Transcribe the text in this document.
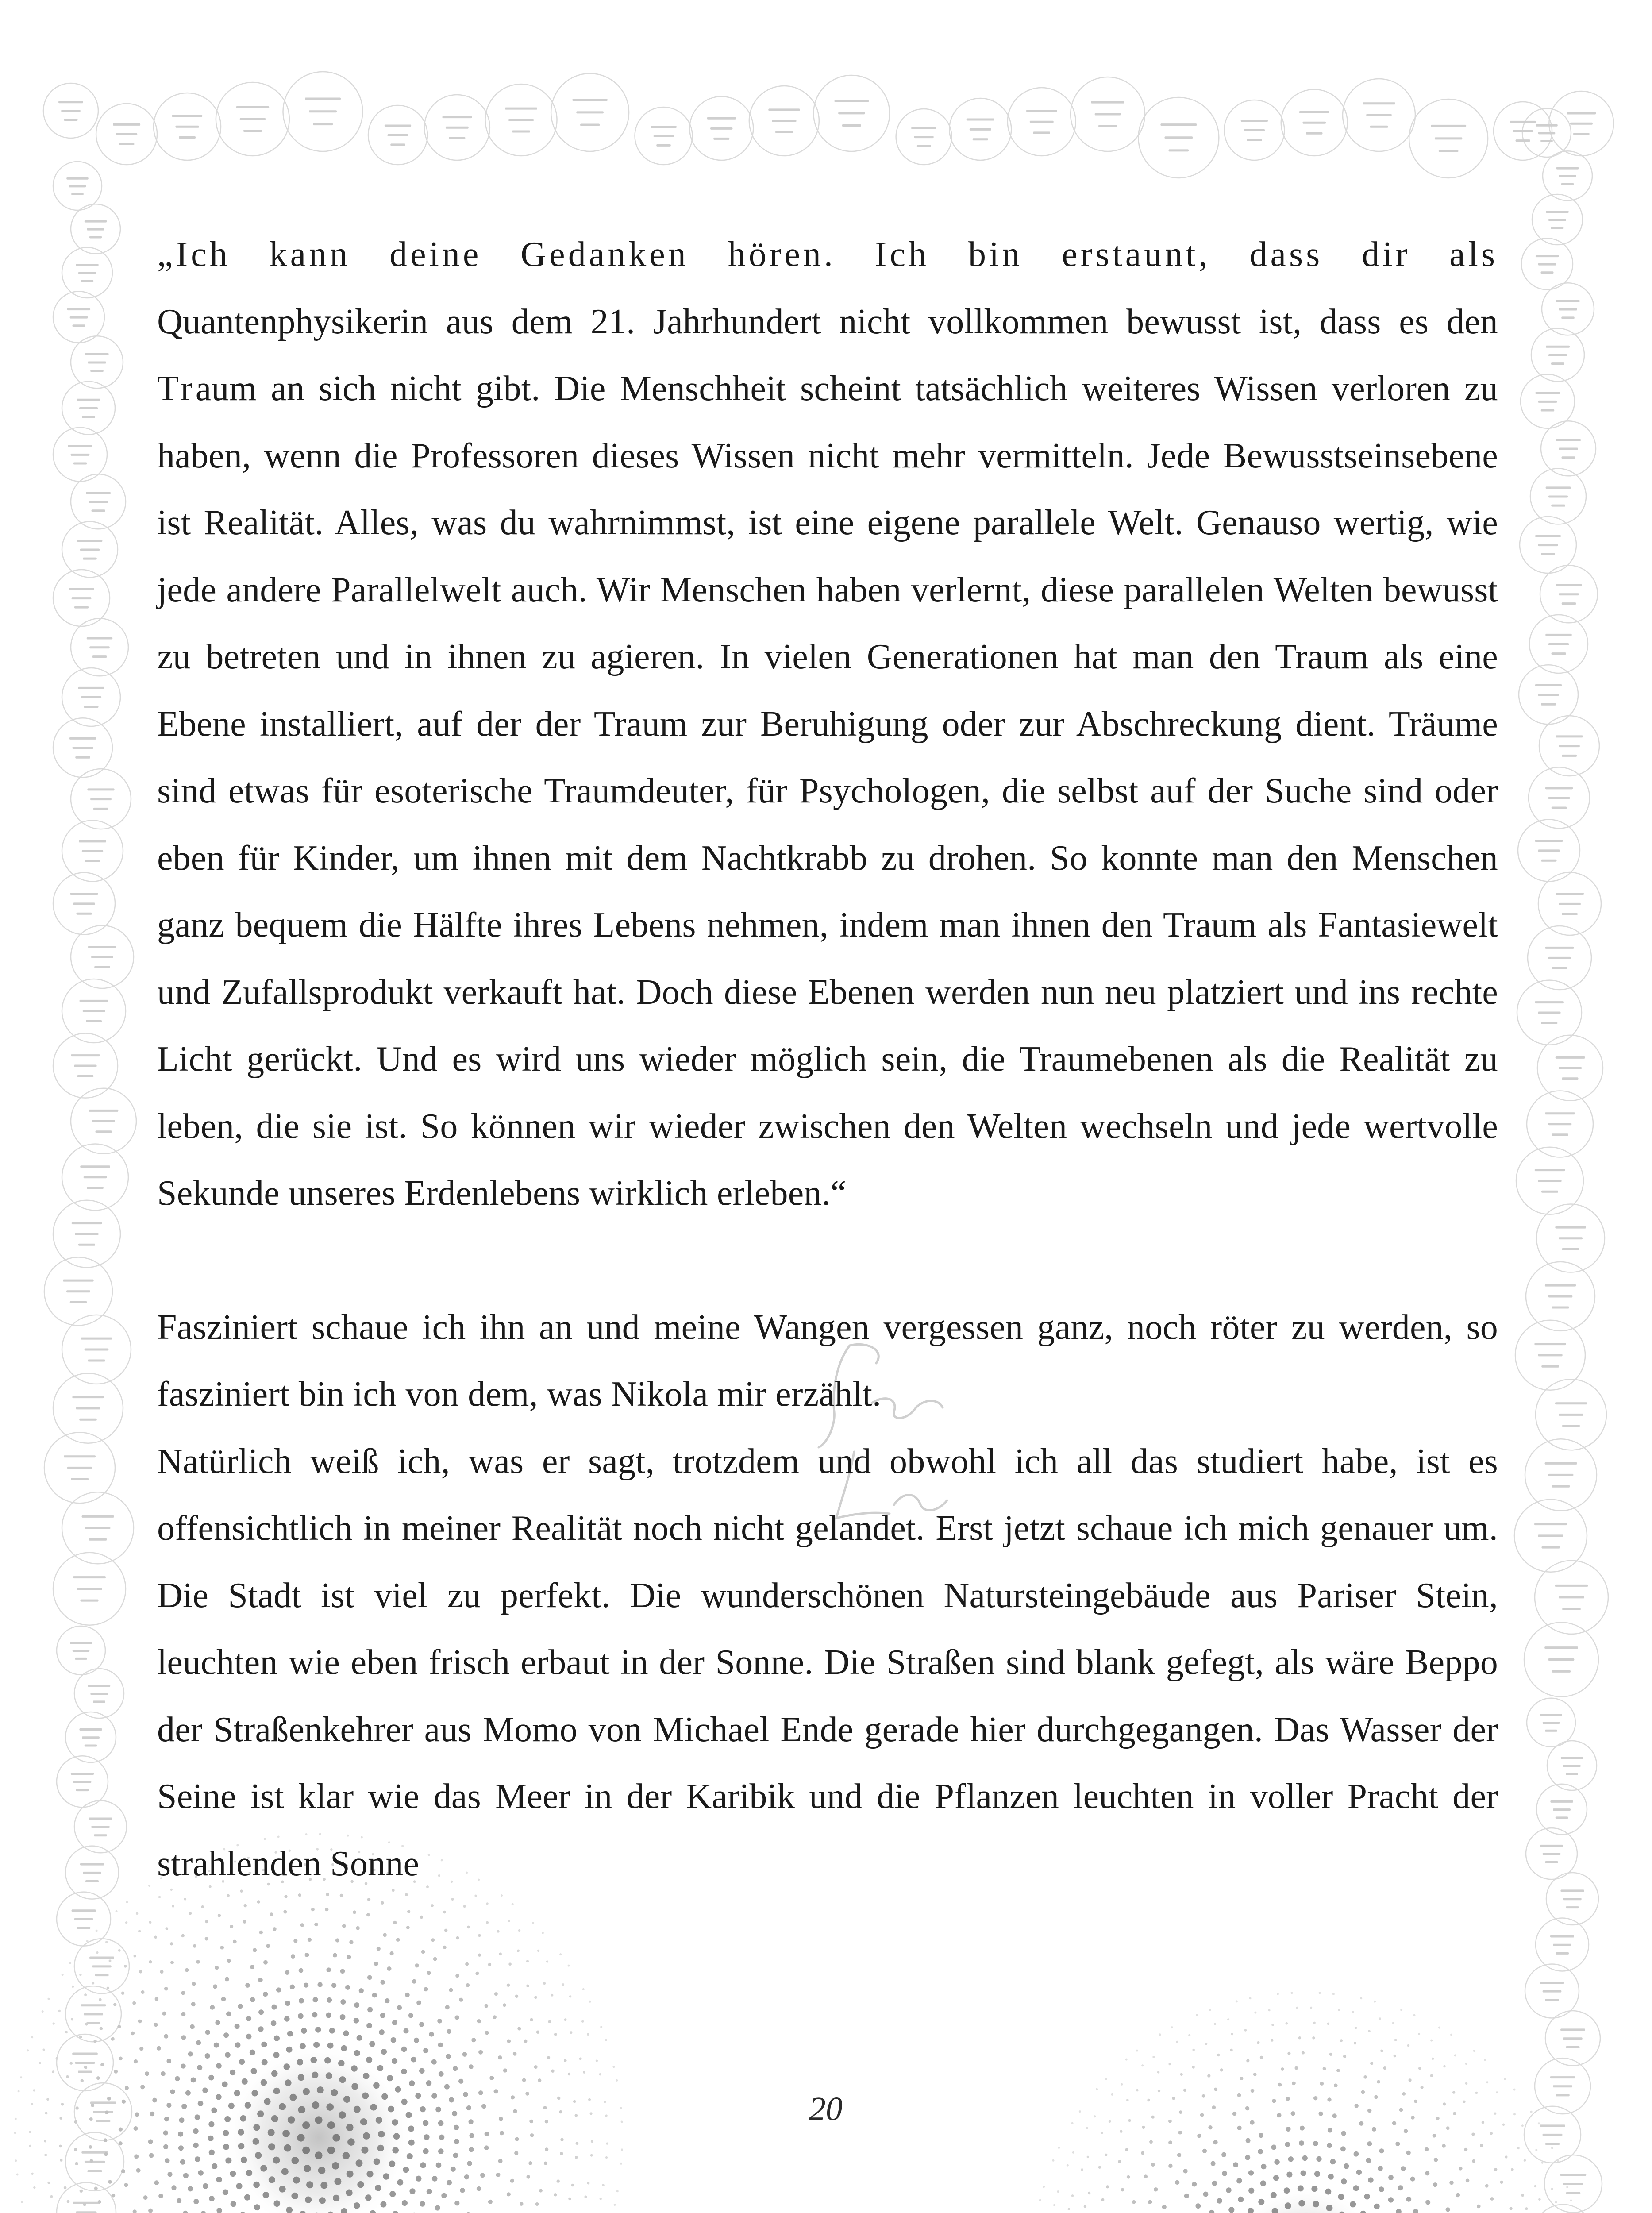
„Ich kann deine Gedanken hören. Ich bin erstaunt, dass dir als Quantenphysikerin aus dem 21. Jahrhundert nicht vollkommen bewusst ist, dass es den Traum an sich nicht gibt. Die Menschheit scheint tatsächlich weiteres Wissen verloren zu haben, wenn die Professoren dieses Wissen nicht mehr vermitteln. Jede Bewusstseinsebene ist Realität. Alles, was du wahrnimmst, ist eine eigene parallele Welt. Genauso wertig, wie jede andere Parallelwelt auch. Wir Menschen haben verlernt, diese parallelen Welten bewusst zu betreten und in ihnen zu agieren. In vielen Generationen hat man den Traum als eine Ebene installiert, auf der der Traum zur Beruhigung oder zur Abschreckung dient. Träume sind etwas für esoterische Traumdeuter, für Psychologen, die selbst auf der Suche sind oder eben für Kinder, um ihnen mit dem Nachtkrabb zu drohen. So konnte man den Menschen ganz bequem die Hälfte ihres Lebens nehmen, indem man ihnen den Traum als Fantasiewelt und Zufallsprodukt verkauft hat. Doch diese Ebenen werden nun neu platziert und ins rechte Licht gerückt. Und es wird uns wieder möglich sein, die Traumebenen als die Realität zu leben, die sie ist. So können wir wieder zwischen den Welten wechseln und jede wertvolle Sekunde unseres Erdenlebens wirklich erleben.“

Fasziniert schaue ich ihn an und meine Wangen vergessen ganz, noch röter zu werden, so fasziniert bin ich von dem, was Nikola mir erzählt.

Natürlich weiß ich, was er sagt, trotzdem und obwohl ich all das studiert habe, ist es offensichtlich in meiner Realität noch nicht gelandet. Erst jetzt schaue ich mich genauer um. Die Stadt ist viel zu perfekt. Die wunderschönen Natursteingebäude aus Pariser Stein, leuchten wie eben frisch erbaut in der Sonne. Die Straßen sind blank gefegt, als wäre Beppo der Straßenkehrer aus Momo von Michael Ende gerade hier durchgegangen. Das Wasser der Seine ist klar wie das Meer in der Karibik und die Pflanzen leuchten in voller Pracht der strahlenden Sonne

20
